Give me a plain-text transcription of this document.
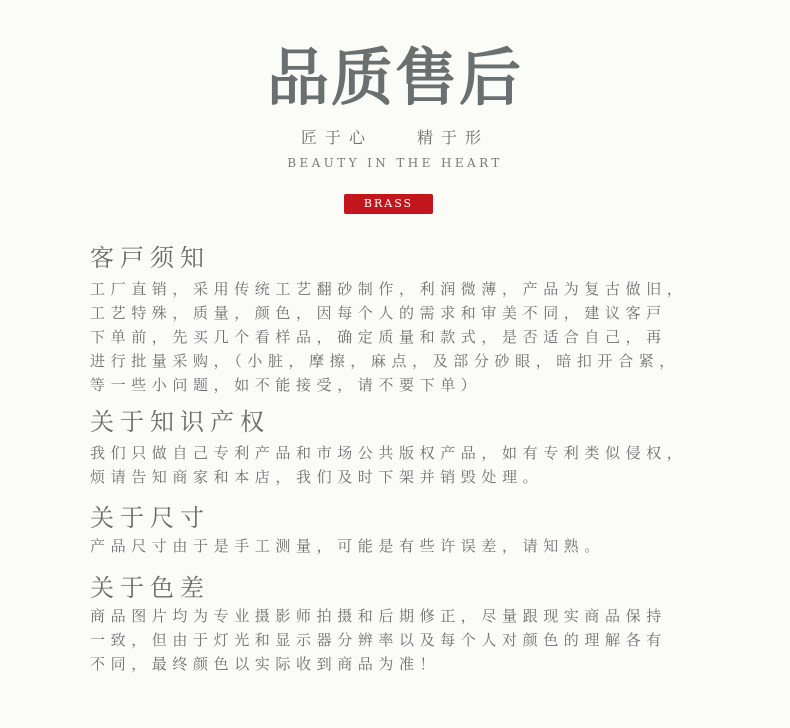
品质售后
匠于心	精于形
BEAUTY IN THE HEART
BRASS
客戸须知
工厂直销，采用传统工艺翻砂制作，利润微薄，产品为复古做旧，
工艺特殊，质量，颜色，因每个人的需求和审美不同，建议客戸
下单前，先买几个看样品，确定质量和款式，是否适合自己，再
进行批量采购，（小脏，摩擦，麻点，及部分砂眼，暗扣开合紧，
等一些小问题，如不能接受，请不要下单）
关于知识产权
我们只做自己专利产品和市场公共版权产品，如有专利类似侵权，
烦请告知商家和本店，我们及时下架并销毁处理。
关于尺寸
产品尺寸由于是手工测量，可能是有些许误差，请知熟。
关于色差
商品图片均为专业摄影师拍摄和后期修正，尽量跟现实商品保持
一致，但由于灯光和显示器分辨率以及每个人对颜色的理解各有
不同，最终颜色以实际收到商品为准！
